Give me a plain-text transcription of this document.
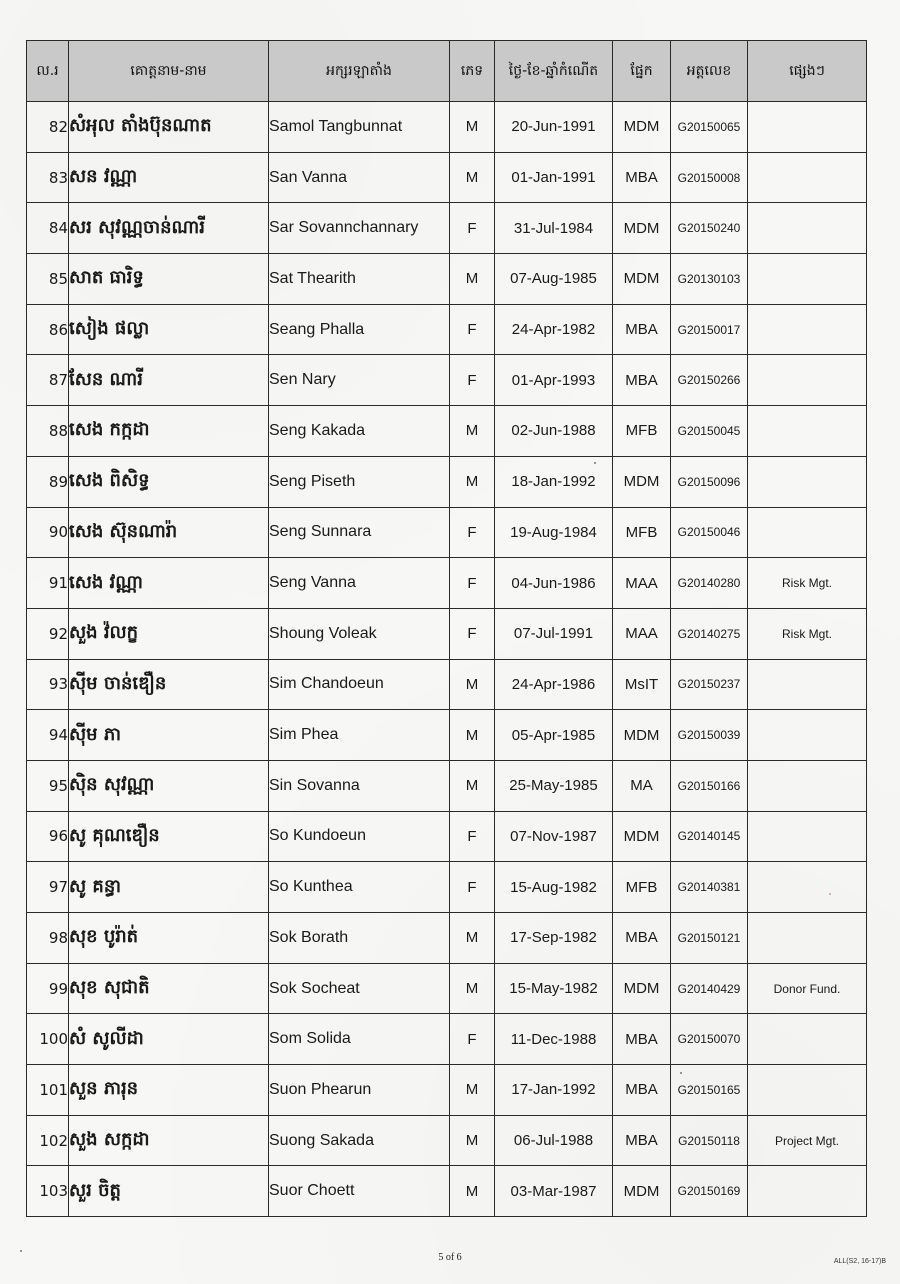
ល.រ	គោត្តនាម-នាម	អក្សរឡាតាំង	ភេទ	ថ្ងៃ-ខែ-ឆ្នាំកំណើត	ផ្នែក	អត្តលេខ	ផ្សេងៗ
82	សំអុល តាំងប៊ុនណាត	Samol Tangbunnat	M	20-Jun-1991	MDM	G20150065	
83	សន វណ្ណា	San Vanna	M	01-Jan-1991	MBA	G20150008	
84	សរ សុវណ្ណចាន់ណារី	Sar Sovannchannary	F	31-Jul-1984	MDM	G20150240	
85	សាត ធារិទ្ធ	Sat Thearith	M	07-Aug-1985	MDM	G20130103	
86	សៀង ផល្លា	Seang Phalla	F	24-Apr-1982	MBA	G20150017	
87	សែន ណារី	Sen Nary	F	01-Apr-1993	MBA	G20150266	
88	សេង កក្កដា	Seng Kakada	M	02-Jun-1988	MFB	G20150045	
89	សេង ពិសិទ្ធ	Seng Piseth	M	18-Jan-1992	MDM	G20150096	
90	សេង ស៊ុនណារ៉ា	Seng Sunnara	F	19-Aug-1984	MFB	G20150046	
91	សេង វណ្ណា	Seng Vanna	F	04-Jun-1986	MAA	G20140280	Risk Mgt.
92	សួង វ៉លក្ខ	Shoung Voleak	F	07-Jul-1991	MAA	G20140275	Risk Mgt.
93	ស៊ីម ចាន់ឌឿន	Sim Chandoeun	M	24-Apr-1986	MsIT	G20150237	
94	ស៊ីម ភា	Sim Phea	M	05-Apr-1985	MDM	G20150039	
95	ស៊ិន សុវណ្ណា	Sin Sovanna	M	25-May-1985	MA	G20150166	
96	សូ គុណឌឿន	So Kundoeun	F	07-Nov-1987	MDM	G20140145	
97	សូ គន្ធា	So Kunthea	F	15-Aug-1982	MFB	G20140381	
98	សុខ បូរ៉ាត់	Sok Borath	M	17-Sep-1982	MBA	G20150121	
99	សុខ សុជាតិ	Sok Socheat	M	15-May-1982	MDM	G20140429	Donor Fund.
100	សំ សូលីដា	Som Solida	F	11-Dec-1988	MBA	G20150070	
101	សួន ភារុន	Suon Phearun	M	17-Jan-1992	MBA	G20150165	
102	សួង សក្កដា	Suong Sakada	M	06-Jul-1988	MBA	G20150118	Project Mgt.
103	សួរ ចិត្ត	Suor Choett	M	03-Mar-1987	MDM	G20150169	
5 of 6	ALL(S2, 16-17)B
